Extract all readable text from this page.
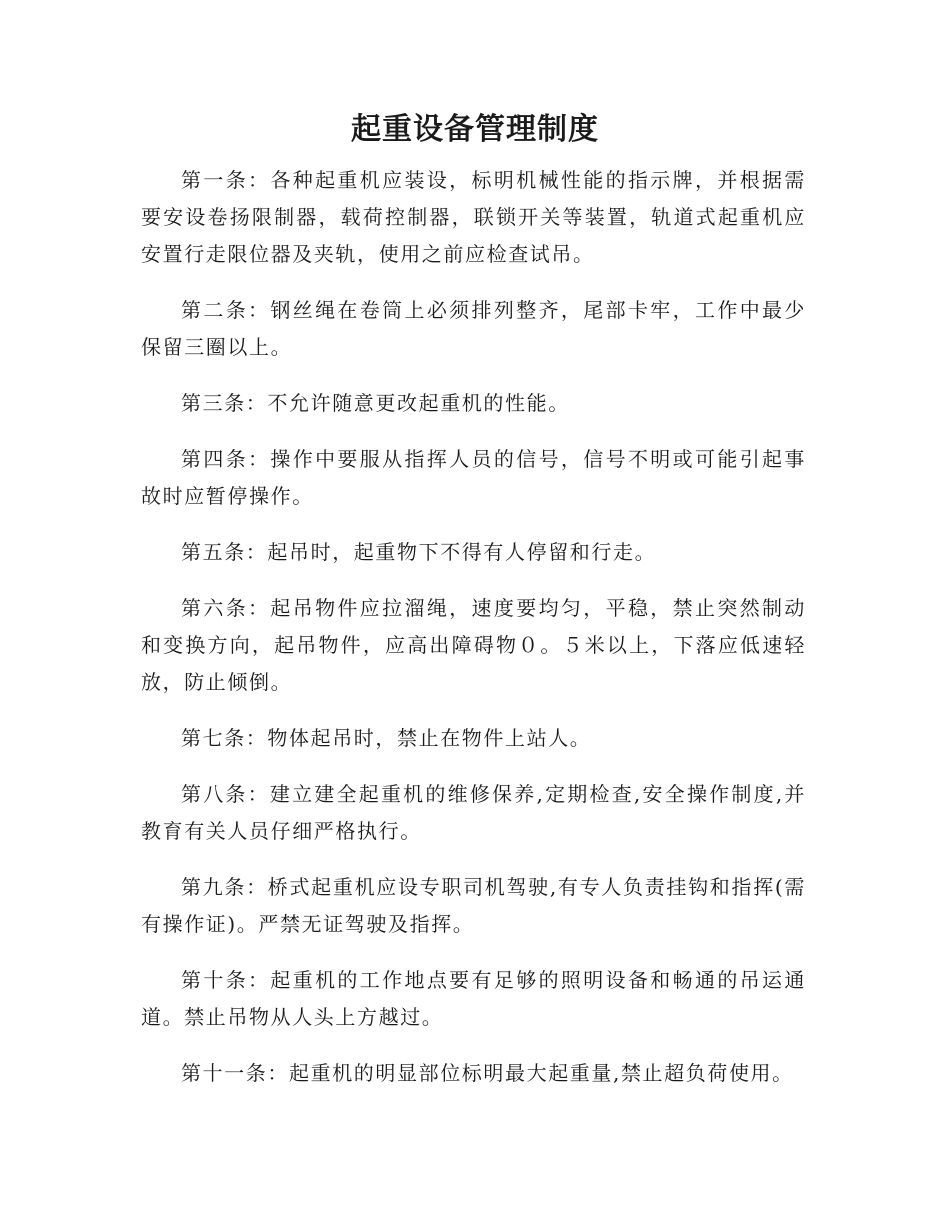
起重设备管理制度

第一条：各种起重机应装设，标明机械性能的指示牌，并根据需要安设卷扬限制器，载荷控制器，联锁开关等装置，轨道式起重机应安置行走限位器及夹轨，使用之前应检查试吊。

第二条：钢丝绳在卷筒上必须排列整齐，尾部卡牢，工作中最少保留三圈以上。

第三条：不允许随意更改起重机的性能。

第四条：操作中要服从指挥人员的信号，信号不明或可能引起事故时应暂停操作。

第五条：起吊时，起重物下不得有人停留和行走。

第六条：起吊物件应拉溜绳，速度要均匀，平稳，禁止突然制动和变换方向，起吊物件，应高出障碍物０。５米以上，下落应低速轻放，防止倾倒。

第七条：物体起吊时，禁止在物件上站人。

第八条：建立建全起重机的维修保养,定期检查,安全操作制度,并教育有关人员仔细严格执行。

第九条：桥式起重机应设专职司机驾驶,有专人负责挂钩和指挥(需有操作证)。严禁无证驾驶及指挥。

第十条：起重机的工作地点要有足够的照明设备和畅通的吊运通道。禁止吊物从人头上方越过。

第十一条：起重机的明显部位标明最大起重量,禁止超负荷使用。
